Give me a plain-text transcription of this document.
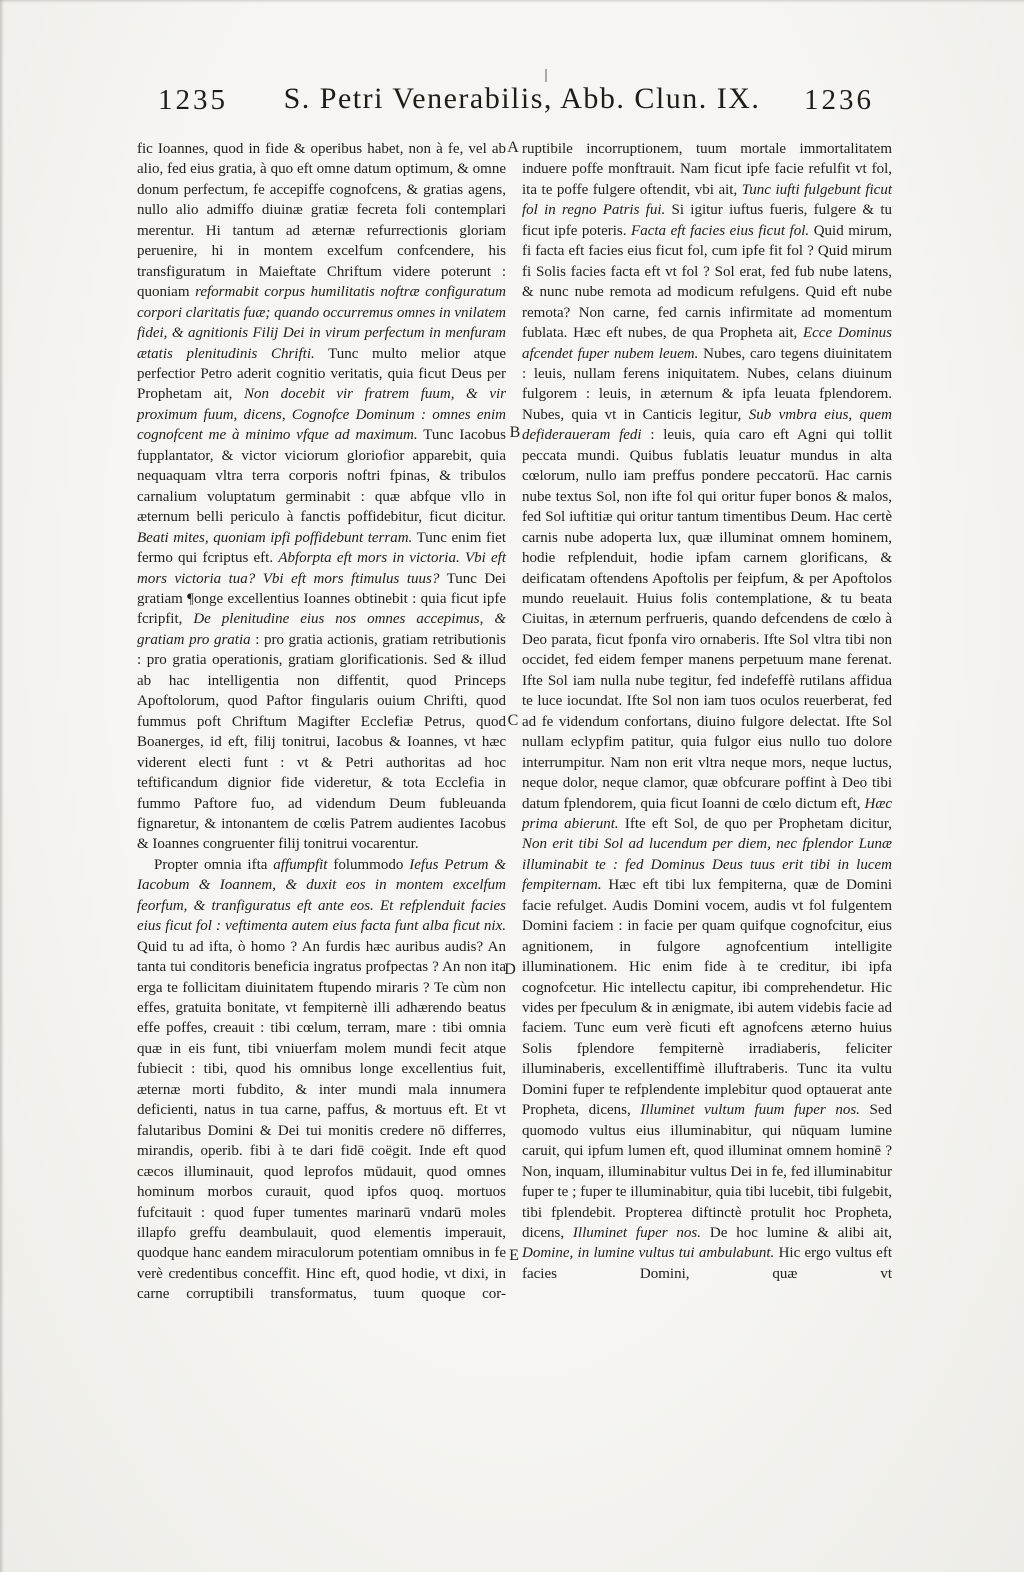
1235	S. Petri Venerabilis, Abb. Clun. IX.	1236

fic Ioannes, quod in fide & operibus habet, non à fe, vel ab alio, fed eius gratia, à quo eft omne datum optimum, & omne donum perfectum, fe accepiffe cognofcens, & gratias agens, nullo alio admiffo diuinæ gratiæ fecreta foli contemplari merentur. Hi tantum ad æternæ refurrectionis gloriam peruenire, hi in montem excelfum confcendere, his transfiguratum in Maieftate Chriftum videre poterunt : quoniam reformabit corpus humilitatis noftræ configuratum corpori claritatis fuæ; quando occurremus omnes in vnilatem fidei, & agnitionis Filij Dei in virum perfectum in menfuram ætatis plenitudinis Chrifti. Tunc multo melior atque perfectior Petro aderit cognitio veritatis, quia ficut Deus per Prophetam ait, Non docebit vir fratrem fuum, & vir proximum fuum, dicens, Cognofce Dominum : omnes enim cognofcent me à minimo vfque ad maximum. Tunc Iacobus fupplantator, & victor viciorum gloriofior apparebit, quia nequaquam vltra terra corporis noftri fpinas, & tribulos carnalium voluptatum germinabit : quæ abfque vllo in æternum belli periculo à fanctis poffidebitur, ficut dicitur. Beati mites, quoniam ipfi poffidebunt terram. Tunc enim fiet fermo qui fcriptus eft. Abforpta eft mors in victoria. Vbi eft mors victoria tua? Vbi eft mors ftimulus tuus? Tunc Dei gratiam ¶onge excellentius Ioannes obtinebit : quia ficut ipfe fcripfit, De plenitudine eius nos omnes accepimus, & gratiam pro gratia : pro gratia actionis, gratiam retributionis : pro gratia operationis, gratiam glorificationis. Sed & illud ab hac intelligentia non diffentit, quod Princeps Apoftolorum, quod Paftor fingularis ouium Chrifti, quod fummus poft Chriftum Magifter Ecclefiæ Petrus, quod Boanerges, id eft, filij tonitrui, Iacobus & Ioannes, vt hæc viderent electi funt : vt & Petri authoritas ad hoc teftificandum dignior fide videretur, & tota Ecclefia in fummo Paftore fuo, ad videndum Deum fubleuanda fignaretur, & intonantem de cœlis Patrem audientes Iacobus & Ioannes congruenter filij tonitrui vocarentur.

Propter omnia ifta affumpfit folummodo Iefus Petrum & Iacobum & Ioannem, & duxit eos in montem excelfum feorfum, & tranfiguratus eft ante eos. Et refplenduit facies eius ficut fol : veftimenta autem eius facta funt alba ficut nix. Quid tu ad ifta, ò homo ? An furdis hæc auribus audis? An tanta tui conditoris beneficia ingratus profpectas ? An non ita erga te follicitam diuinitatem ftupendo miraris ? Te cùm non effes, gratuita bonitate, vt fempiternè illi adhærendo beatus effe poffes, creauit : tibi cœlum, terram, mare : tibi omnia quæ in eis funt, tibi vniuerfam molem mundi fecit atque fubiecit : tibi, quod his omnibus longe excellentius fuit, æternæ morti fubdito, & inter mundi mala innumera deficienti, natus in tua carne, paffus, & mortuus eft. Et vt falutaribus Domini & Dei tui monitis credere nō differres, mirandis, operib. fibi à te dari fidē coëgit. Inde eft quod cæcos illuminauit, quod leprofos mūdauit, quod omnes hominum morbos curauit, quod ipfos quoq. mortuos fufcitauit : quod fuper tumentes marinarū vndarū moles illapfo greffu deambulauit, quod elementis imperauit, quodque hanc eandem miraculorum potentiam omnibus in fe verè credentibus conceffit. Hinc eft, quod hodie, vt dixi, in carne corruptibili transformatus, tuum quoque cor-

ruptibile incorruptionem, tuum mortale immortalitatem induere poffe monftrauit. Nam ficut ipfe facie refulfit vt fol, ita te poffe fulgere oftendit, vbi ait, Tunc iufti fulgebunt ficut fol in regno Patris fui. Si igitur iuftus fueris, fulgere & tu ficut ipfe poteris. Facta eft facies eius ficut fol. Quid mirum, fi facta eft facies eius ficut fol, cum ipfe fit fol ? Quid mirum fi Solis facies facta eft vt fol ? Sol erat, fed fub nube latens, & nunc nube remota ad modicum refulgens. Quid eft nube remota? Non carne, fed carnis infirmitate ad momentum fublata. Hæc eft nubes, de qua Propheta ait, Ecce Dominus afcendet fuper nubem leuem. Nubes, caro tegens diuinitatem : leuis, nullam ferens iniquitatem. Nubes, celans diuinum fulgorem : leuis, in æternum & ipfa leuata fplendorem. Nubes, quia vt in Canticis legitur, Sub vmbra eius, quem defideraueram fedi : leuis, quia caro eft Agni qui tollit peccata mundi. Quibus fublatis leuatur mundus in alta cœlorum, nullo iam preffus pondere peccatorū. Hac carnis nube textus Sol, non ifte fol qui oritur fuper bonos & malos, fed Sol iuftitiæ qui oritur tantum timentibus Deum. Hac certè carnis nube adoperta lux, quæ illuminat omnem hominem, hodie refplenduit, hodie ipfam carnem glorificans, & deificatam oftendens Apoftolis per feipfum, & per Apoftolos mundo reuelauit. Huius folis contemplatione, & tu beata Ciuitas, in æternum perfrueris, quando defcendens de cœlo à Deo parata, ficut fponfa viro ornaberis. Ifte Sol vltra tibi non occidet, fed eidem femper manens perpetuum mane ferenat. Ifte Sol iam nulla nube tegitur, fed indefeffè rutilans affidua te luce iocundat. Ifte Sol non iam tuos oculos reuerberat, fed ad fe videndum confortans, diuino fulgore delectat. Ifte Sol nullam eclypfim patitur, quia fulgor eius nullo tuo dolore interrumpitur. Nam non erit vltra neque mors, neque luctus, neque dolor, neque clamor, quæ obfcurare poffint à Deo tibi datum fplendorem, quia ficut Ioanni de cœlo dictum eft, Hæc prima abierunt. Ifte eft Sol, de quo per Prophetam dicitur, Non erit tibi Sol ad lucendum per diem, nec fplendor Lunæ illuminabit te : fed Dominus Deus tuus erit tibi in lucem fempiternam. Hæc eft tibi lux fempiterna, quæ de Domini facie refulget. Audis Domini vocem, audis vt fol fulgentem Domini faciem : in facie per quam quifque cognofcitur, eius agnitionem, in fulgore agnofcentium intelligite illuminationem. Hic enim fide à te creditur, ibi ipfa cognofcetur. Hic intellectu capitur, ibi comprehendetur. Hic vides per fpeculum & in ænigmate, ibi autem videbis facie ad faciem. Tunc eum verè ficuti eft agnofcens æterno huius Solis fplendore fempiternè irradiaberis, feliciter illuminaberis, excellentiffimè illuftraberis. Tunc ita vultu Domini fuper te refplendente implebitur quod optauerat ante Propheta, dicens, Illuminet vultum fuum fuper nos. Sed quomodo vultus eius illuminabitur, qui nūquam lumine caruit, qui ipfum lumen eft, quod illuminat omnem hominē ? Non, inquam, illuminabitur vultus Dei in fe, fed illuminabitur fuper te ; fuper te illuminabitur, quia tibi lucebit, tibi fulgebit, tibi fplendebit. Propterea diftinctè protulit hoc Propheta, dicens, Illuminet fuper nos. De hoc lumine & alibi ait, Domine, in lumine vultus tui ambulabunt. Hic ergo vultus eft facies Domini, quæ vt

A
B
C
D
E
